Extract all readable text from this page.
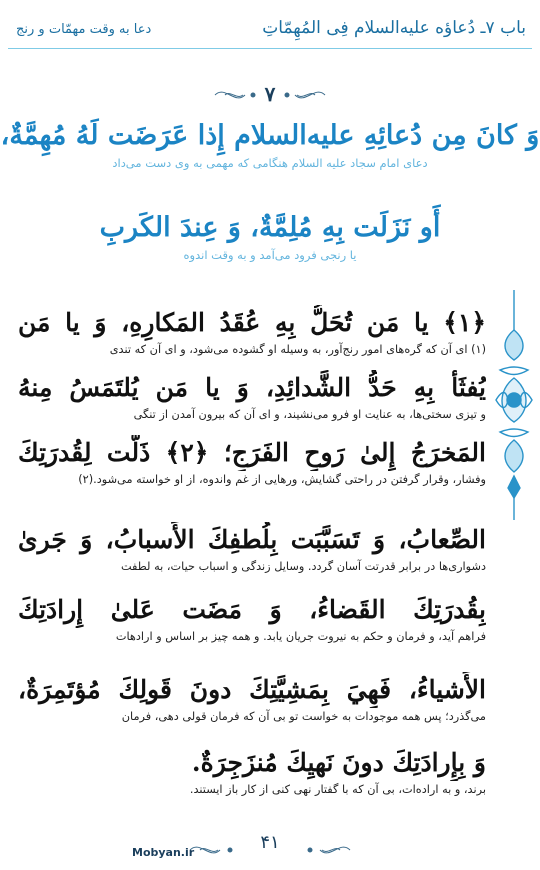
باب ۷ـ دُعاؤه علیه‌السلام فِی المُهِمّاتِ
دعا به وقت مهمّات و رنج
۷
وَ كانَ مِن دُعائِهِ علیه‌السلام إِذا عَرَضَت لَهُ مُهِمَّةٌ،
دعای امام سجاد علیه السلام هنگامی که مهمی به وی دست می‌داد
أَو نَزَلَت بِهِ مُلِمَّةٌ، وَ عِندَ الكَربِ
یا رنجی فرود می‌آمد و به وقت اندوه
﴿۱﴾ يا مَن تُحَلُّ بِهِ عُقَدُ المَكارِهِ، وَ يا مَن
(۱) ای آن که گره‌های امور رنج‌آور، به وسیله او گشوده می‌شود، و ای آن که تندی
يُفثَأُ بِهِ حَدُّ الشَّدائِدِ، وَ يا مَن يُلتَمَسُ مِنهُ
و تیزی سختی‌ها، به عنایت او فرو می‌نشیند، و ای آن که بیرون آمدن از تنگی
المَخرَجُ إِلىٰ رَوحِ الفَرَجِ؛ ﴿۲﴾ ذَلَّت لِقُدرَتِكَ
وفشار، وقرار گرفتن در راحتی گشایش، ورهایی از غم واندوه، از او خواسته می‌شود.(۲)
الصِّعابُ، وَ تَسَبَّبَت بِلُطفِكَ الأَسبابُ، وَ جَرىٰ
دشواری‌ها در برابر قدرتت آسان گردد. وسایل زندگی و اسباب حیات، به لطفت
بِقُدرَتِكَ القَضاءُ، وَ مَضَت عَلىٰ إِرادَتِكَ
فراهم آید، و فرمان و حکم به نیروت جریان یابد. و همه چیز بر اساس و ارادهات
الأَشياءُ، فَهِيَ بِمَشِيَّتِكَ دونَ قَولِكَ مُؤتَمِرَةٌ،
می‌گذرد؛ پس همه موجودات به خواست تو بی آن که فرمان قولی دهی، فرمان
وَ بِإِرادَتِكَ دونَ نَهيِكَ مُنزَجِرَةٌ.
برند، و به اراده‌ات، بی آن که با گفتار نهی کنی از کار باز ایستند.
۴۱
Mobyan.ir
